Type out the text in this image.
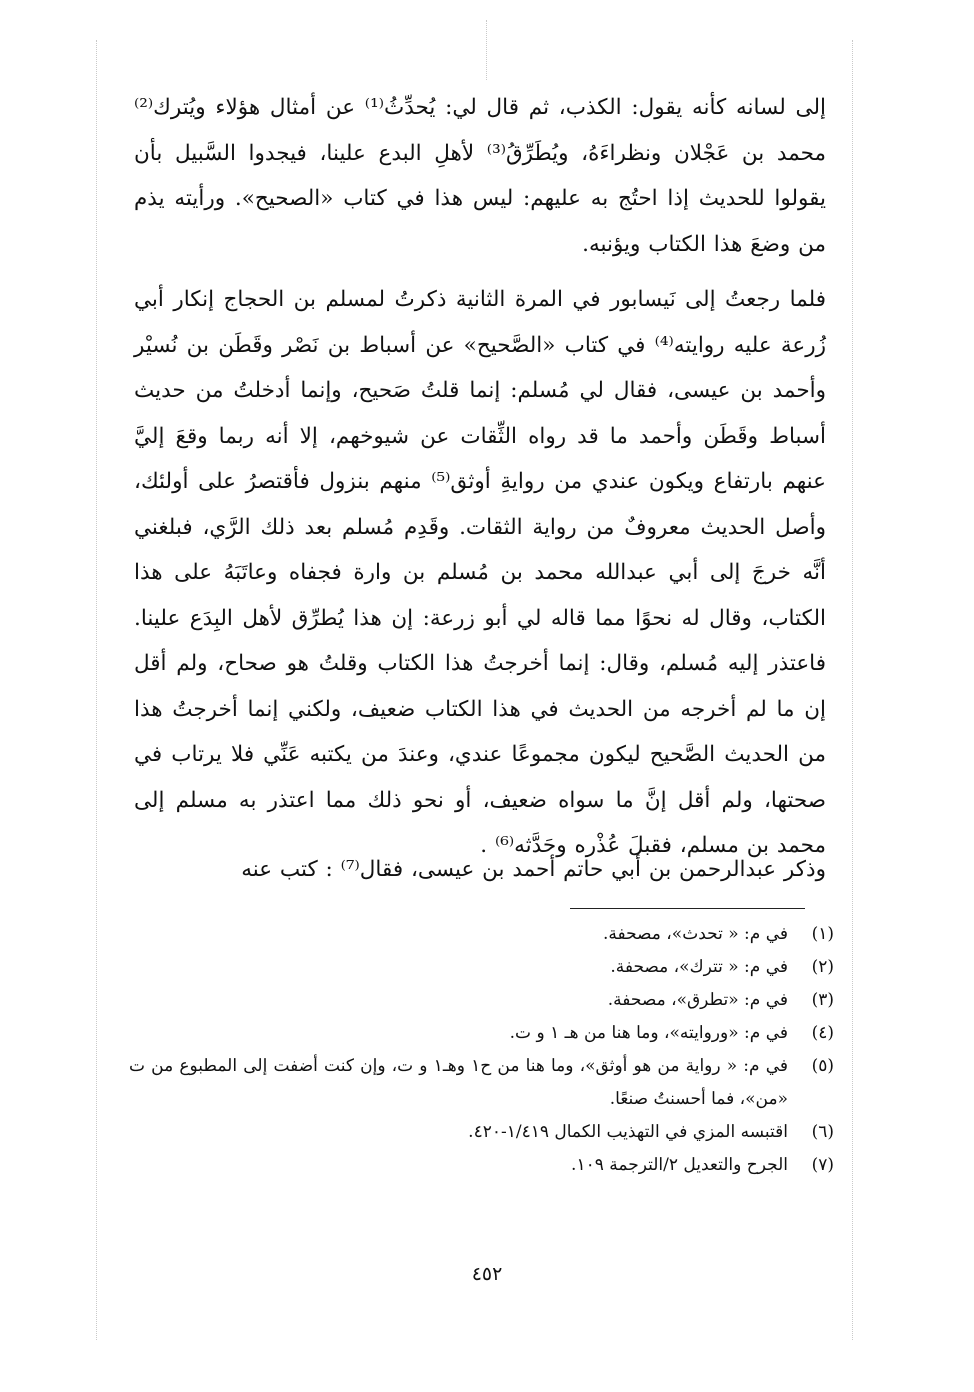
إلى لسانه كأنه يقول: الكذب، ثم قال لي: يُحدِّثُ⁽¹⁾ عن أمثال هؤلاء ويُترك⁽²⁾ محمد بن عَجْلان ونظراءَهُ، ويُطَرِّقُ⁽³⁾ لأهلِ البدع علينا، فيجدوا السَّبيل بأن يقولوا للحديث إذا احتُج به عليهم: ليس هذا في كتاب «الصحيح». ورأيته يذم من وضعَ هذا الكتاب ويؤنبه.

فلما رجعتُ إلى نَيسابور في المرة الثانية ذكرتُ لمسلم بن الحجاج إنكار أبي زُرعة عليه روايته⁽⁴⁾ في كتاب «الصَّحيح» عن أسباط بن نَصْر وقَطَن بن نُسيْر وأحمد بن عيسى، فقال لي مُسلم: إنما قلتُ صَحيح، وإنما أدخلتُ من حديث أسباط وقَطَن وأحمد ما قد رواه الثِّقات عن شيوخهم، إلا أنه ربما وقعَ إليَّ عنهم بارتفاع ويكون عندي من روايةِ أوثق⁽⁵⁾ منهم بنزول فأقتصرُ على أولئك، وأصل الحديث معروفٌ من رواية الثقات. وقَدِم مُسلم بعد ذلك الرَّي، فبلغني أنَّه خرجَ إلى أبي عبدالله محمد بن مُسلم بن وارة فجفاه وعاتَبَهُ على هذا الكتاب، وقال له نحوًا مما قاله لي أبو زرعة: إن هذا يُطرِّق لأهل البِدَع علينا. فاعتذر إليه مُسلم، وقال: إنما أخرجتُ هذا الكتاب وقلتُ هو صحاح، ولم أقل إن ما لم أخرجه من الحديث في هذا الكتاب ضعيف، ولكني إنما أخرجتُ هذا من الحديث الصَّحيح ليكون مجموعًا عندي، وعندَ من يكتبه عَنِّي فلا يرتاب في صحتها، ولم أقل إنَّ ما سواه ضعيف، أو نحو ذلك مما اعتذر به مسلم إلى محمد بن مسلم، فقبلَ عُذْره وحَدَّثه⁽⁶⁾ .

وذكر عبدالرحمن بن أبي حاتم أحمد بن عيسى، فقال⁽⁷⁾ : كتب عنه

(١)
في م: « تحدث»، مصحفة.
(٢)
في م: « تترك»، مصحفة.
(٣)
في م: «تطرق»، مصحفة.
(٤)
في م: «وروايته»، وما هنا من هـ ١ و ت.
(٥)
في م: « رواية من هو أوثق»، وما هنا من ح١ وهـ١ و ت، وإن كنت أضفت إلى المطبوع من ت «من»، فما أحسنتُ صنعًا.
(٦)
اقتبسه المزي في التهذيب الكمال ١/٤١٩-٤٢٠.
(٧)
الجرح والتعديل ٢/الترجمة ١٠٩.
٤٥٢
